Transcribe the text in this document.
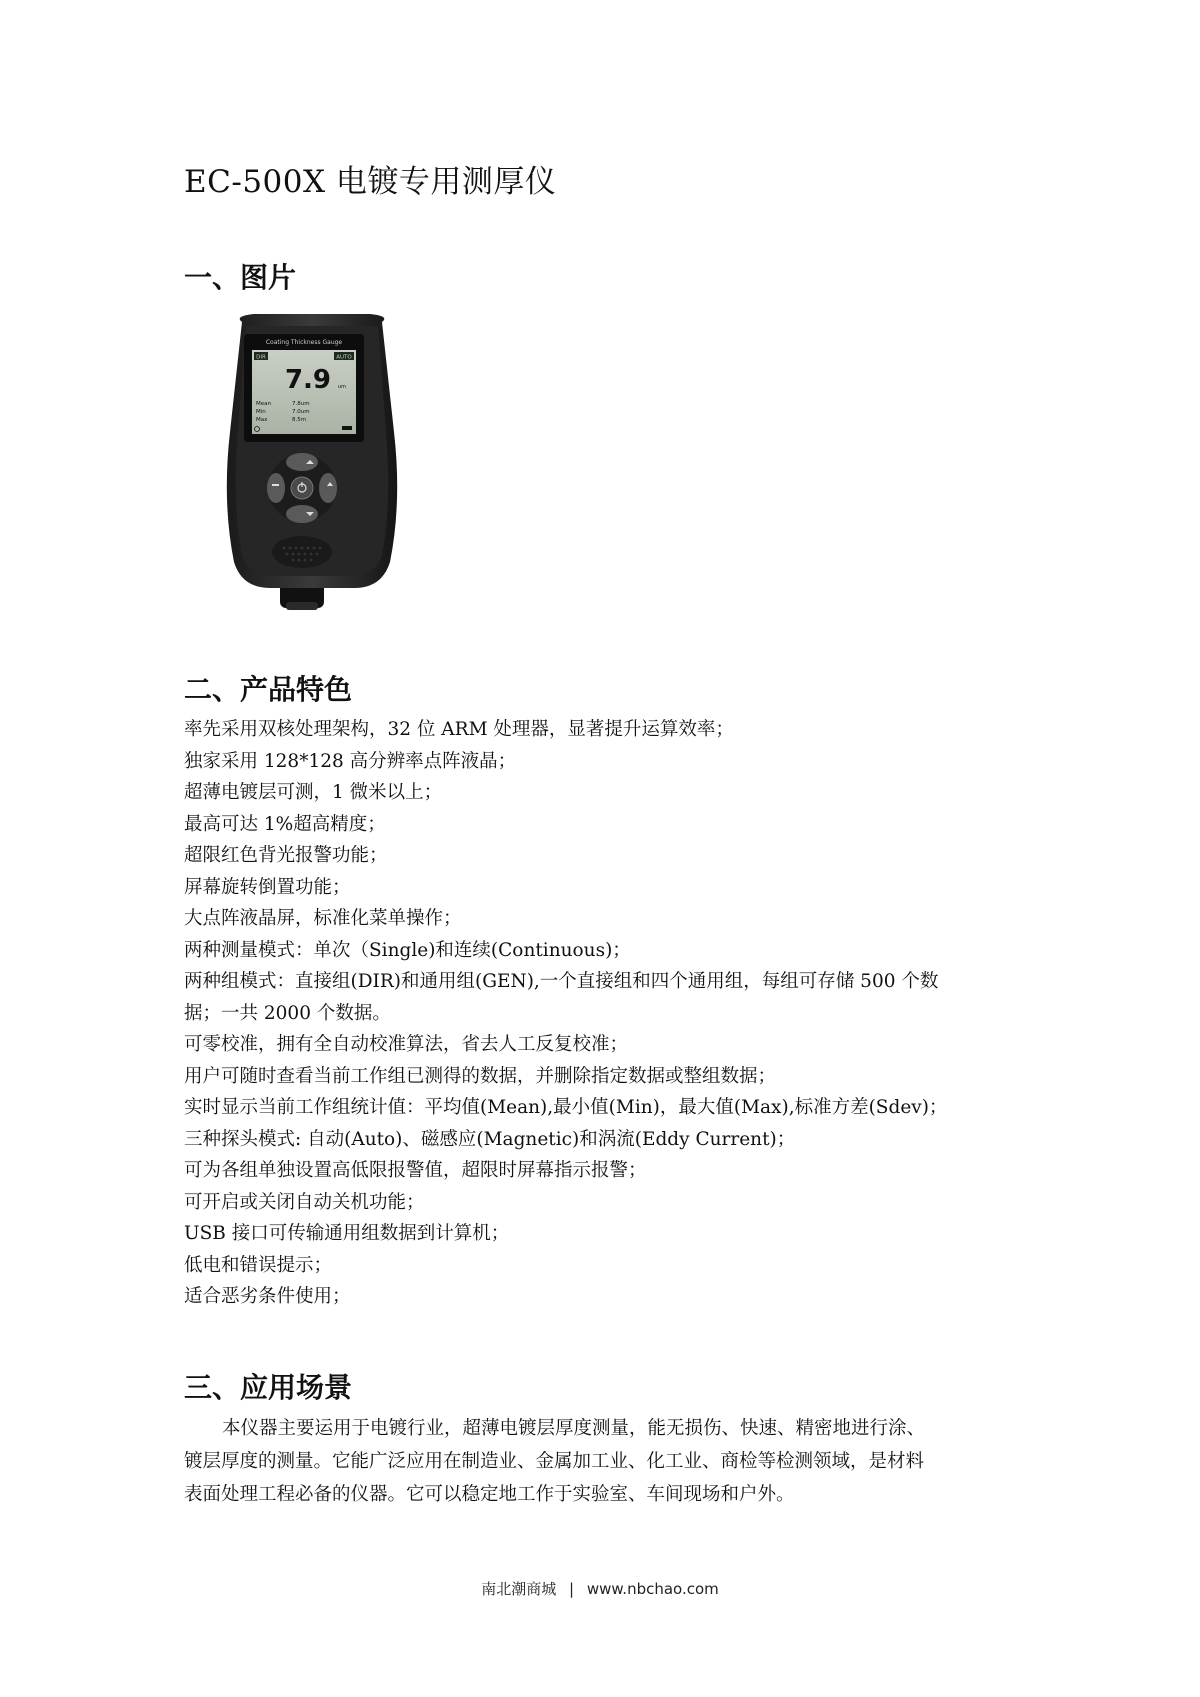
EC-500X 电镀专用测厚仪
一、图片
Coating Thickness Gauge
DIR	AUTO
7.9 um
Mean	7.8um
Min	7.0um
Max	8.5m
二、产品特色
率先采用双核处理架构，32 位 ARM 处理器，显著提升运算效率；
独家采用 128*128 高分辨率点阵液晶；
超薄电镀层可测，1 微米以上；
最高可达 1%超高精度；
超限红色背光报警功能；
屏幕旋转倒置功能；
大点阵液晶屏，标准化菜单操作；
两种测量模式：单次（Single)和连续(Continuous)；
两种组模式：直接组(DIR)和通用组(GEN),一个直接组和四个通用组，每组可存储 500 个数
据；一共 2000 个数据。
可零校准，拥有全自动校准算法，省去人工反复校准；
用户可随时查看当前工作组已测得的数据，并删除指定数据或整组数据；
实时显示当前工作组统计值：平均值(Mean),最小值(Min)，最大值(Max),标准方差(Sdev)；
三种探头模式: 自动(Auto)、磁感应(Magnetic)和涡流(Eddy Current)；
可为各组单独设置高低限报警值，超限时屏幕指示报警；
可开启或关闭自动关机功能；
USB 接口可传输通用组数据到计算机；
低电和错误提示；
适合恶劣条件使用；
三、应用场景
本仪器主要运用于电镀行业，超薄电镀层厚度测量，能无损伤、快速、精密地进行涂、
镀层厚度的测量。它能广泛应用在制造业、金属加工业、化工业、商检等检测领域，是材料
表面处理工程必备的仪器。它可以稳定地工作于实验室、车间现场和户外。
南北潮商城 | www.nbchao.com
